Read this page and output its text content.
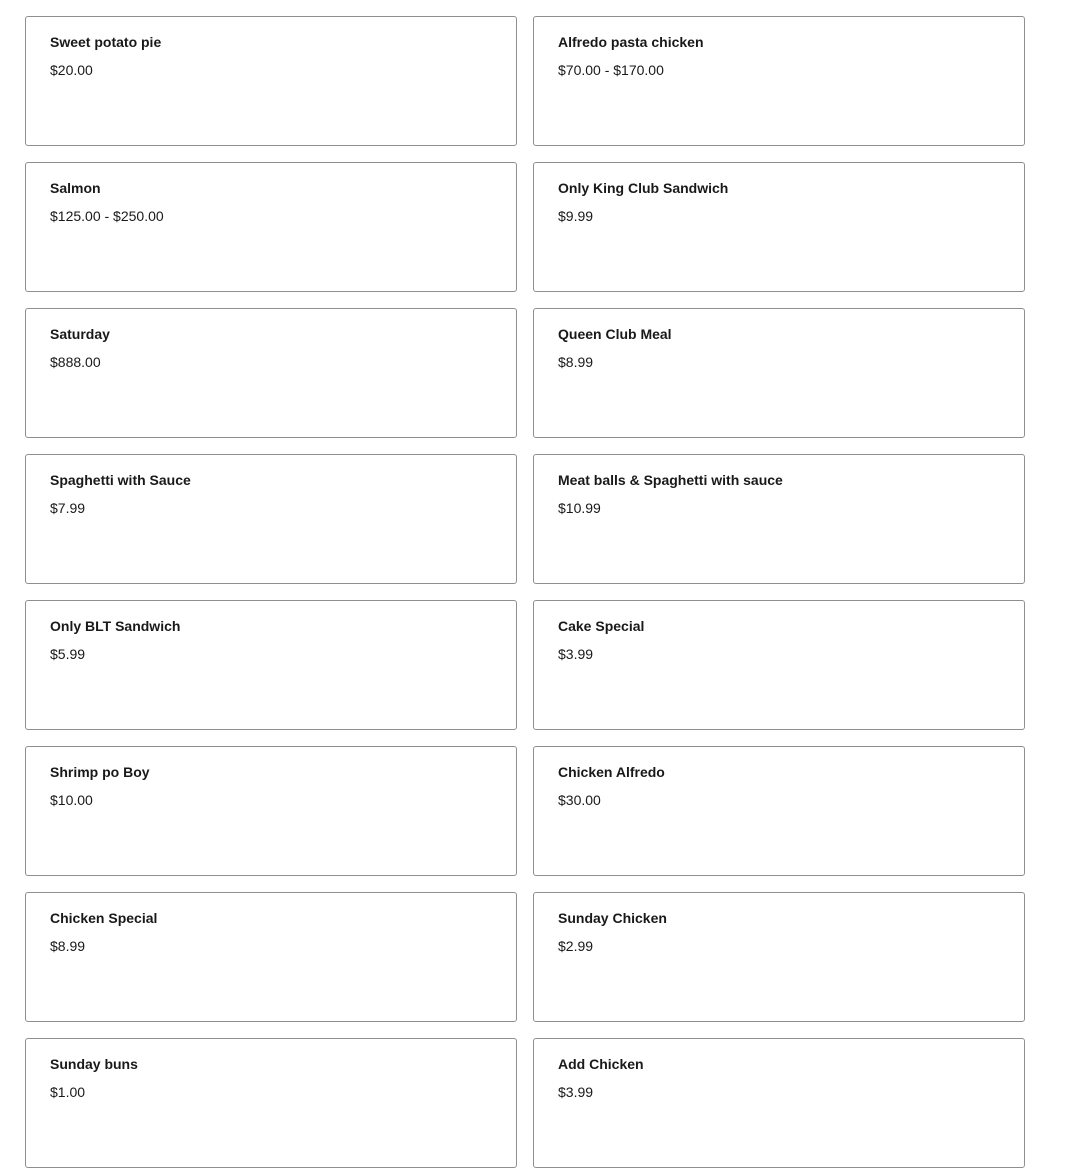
Sweet potato pie
$20.00
Alfredo pasta chicken
$70.00 - $170.00
Salmon
$125.00 - $250.00
Only King Club Sandwich
$9.99
Saturday
$888.00
Queen Club Meal
$8.99
Spaghetti with Sauce
$7.99
Meat balls & Spaghetti with sauce
$10.99
Only BLT Sandwich
$5.99
Cake Special
$3.99
Shrimp po Boy
$10.00
Chicken Alfredo
$30.00
Chicken Special
$8.99
Sunday Chicken
$2.99
Sunday buns
$1.00
Add Chicken
$3.99
